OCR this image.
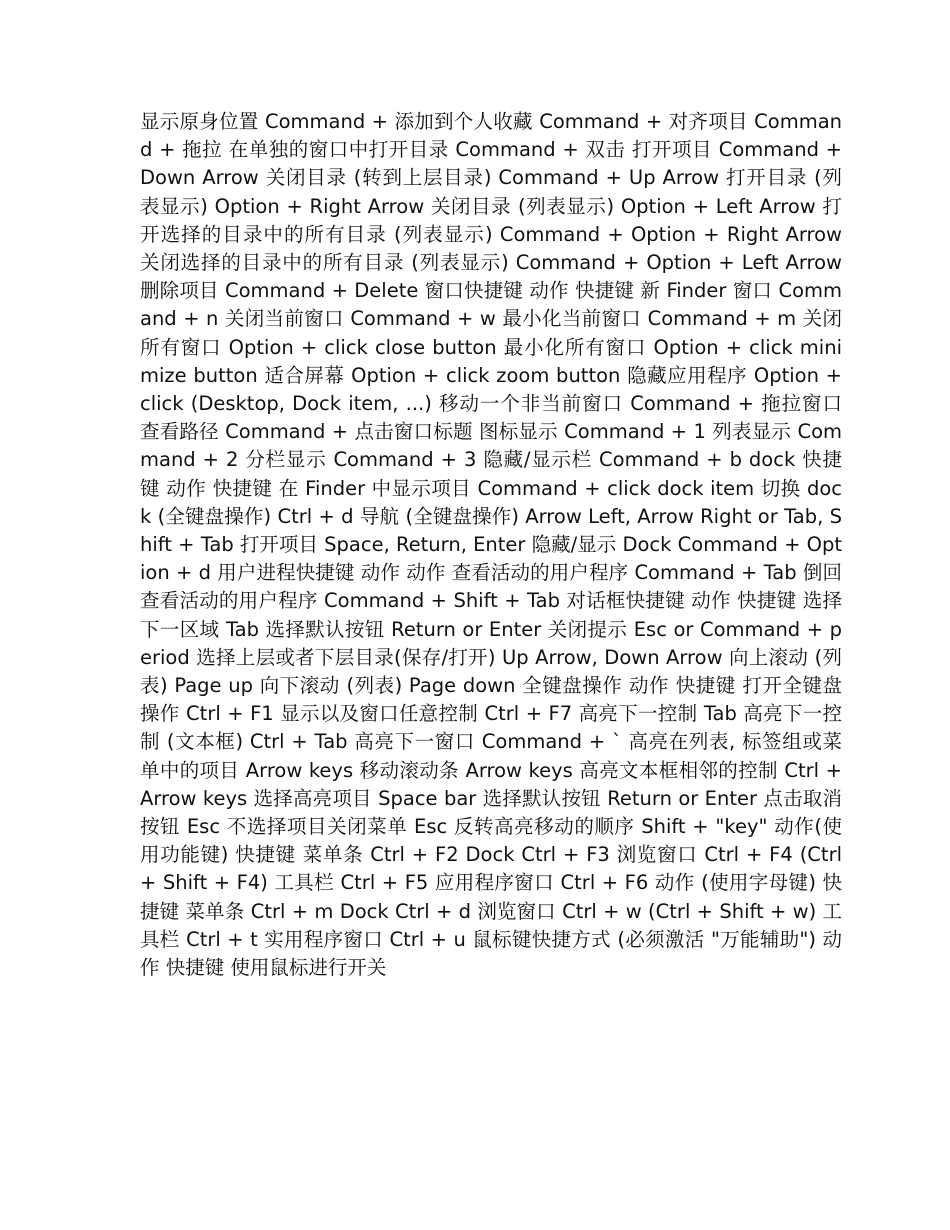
显示原身位置 Command + 添加到个人收藏 Command + 对齐项目 Command + 拖拉 在单独的窗口中打开目录 Command + 双击 打开项目 Command + Down Arrow 关闭目录 (转到上层目录) Command + Up Arrow 打开目录 (列表显示) Option + Right Arrow 关闭目录 (列表显示) Option + Left Arrow 打开选择的目录中的所有目录 (列表显示) Command + Option + Right Arrow 关闭选择的目录中的所有目录 (列表显示) Command + Option + Left Arrow 删除项目 Command + Delete 窗口快捷键 动作 快捷键 新 Finder 窗口 Command + n 关闭当前窗口 Command + w 最小化当前窗口 Command + m 关闭所有窗口 Option + click close button 最小化所有窗口 Option + click minimize button 适合屏幕 Option + click zoom button 隐藏应用程序 Option + click (Desktop, Dock item, ...) 移动一个非当前窗口 Command + 拖拉窗口 查看路径 Command + 点击窗口标题 图标显示 Command + 1 列表显示 Command + 2 分栏显示 Command + 3 隐藏/显示栏 Command + b dock 快捷键 动作 快捷键 在 Finder 中显示项目 Command + click dock item 切换 dock (全键盘操作) Ctrl + d 导航 (全键盘操作) Arrow Left, Arrow Right or Tab, Shift + Tab 打开项目 Space, Return, Enter 隐藏/显示 Dock Command + Option + d 用户进程快捷键 动作 动作 查看活动的用户程序 Command + Tab 倒回查看活动的用户程序 Command + Shift + Tab 对话框快捷键 动作 快捷键 选择下一区域 Tab 选择默认按钮 Return or Enter 关闭提示 Esc or Command + period 选择上层或者下层目录(保存/打开) Up Arrow, Down Arrow 向上滚动 (列表) Page up 向下滚动 (列表) Page down 全键盘操作 动作 快捷键 打开全键盘操作 Ctrl + F1 显示以及窗口任意控制 Ctrl + F7 高亮下一控制 Tab 高亮下一控制 (文本框) Ctrl + Tab 高亮下一窗口 Command + ` 高亮在列表, 标签组或菜单中的项目 Arrow keys 移动滚动条 Arrow keys 高亮文本框相邻的控制 Ctrl + Arrow keys 选择高亮项目 Space bar 选择默认按钮 Return or Enter 点击取消按钮 Esc 不选择项目关闭菜单 Esc 反转高亮移动的顺序 Shift + "key" 动作(使用功能键) 快捷键 菜单条 Ctrl + F2 Dock Ctrl + F3 浏览窗口 Ctrl + F4 (Ctrl + Shift + F4) 工具栏 Ctrl + F5 应用程序窗口 Ctrl + F6 动作 (使用字母键) 快捷键 菜单条 Ctrl + m Dock Ctrl + d 浏览窗口 Ctrl + w (Ctrl + Shift + w) 工具栏 Ctrl + t 实用程序窗口 Ctrl + u 鼠标键快捷方式 (必须激活 "万能辅助") 动作 快捷键 使用鼠标进行开关
